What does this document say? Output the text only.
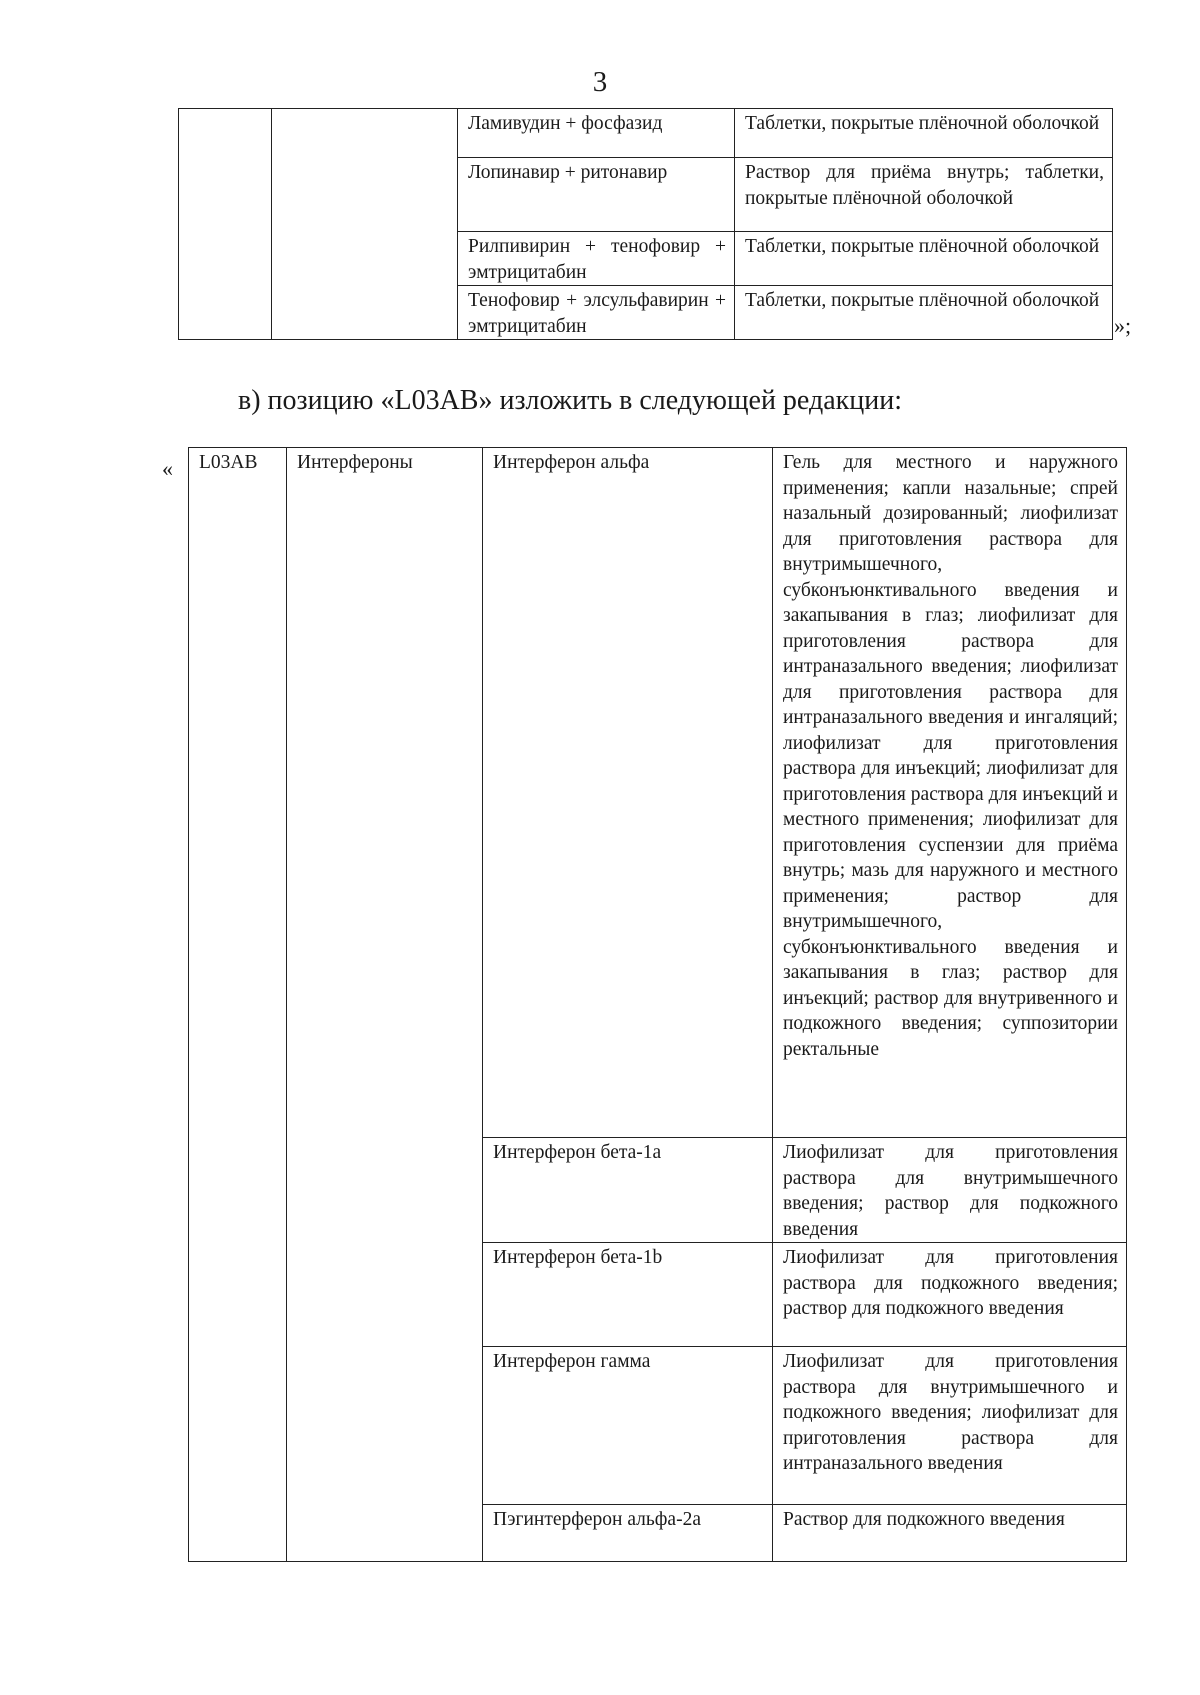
3
		Ламивудин + фосфазид	Таблетки, покрытые плёночной оболочкой
		Лопинавир + ритонавир	Раствор для приёма внутрь; таблетки, покрытые плёночной оболочкой
		Рилпивирин + тенофовир + эмтрицитабин	Таблетки, покрытые плёночной оболочкой
		Тенофовир + элсульфавирин + эмтрицитабин	Таблетки, покрытые плёночной оболочкой
»;
в) позицию «L03AB» изложить в следующей редакции:
« L03AB	Интерфероны	Интерферон альфа	Гель для местного и наружного применения; капли назальные; спрей назальный дозированный; лиофилизат для приготовления раствора для внутримышечного, субконъюнктивального введения и закапывания в глаз; лиофилизат для приготовления раствора для интраназального введения; лиофилизат для приготовления раствора для интраназального введения и ингаляций; лиофилизат для приготовления раствора для инъекций; лиофилизат для приготовления раствора для инъекций и местного применения; лиофилизат для приготовления суспензии для приёма внутрь; мазь для наружного и местного применения; раствор для внутримышечного, субконъюнктивального введения и закапывания в глаз; раствор для инъекций; раствор для внутривенного и подкожного введения; суппозитории ректальные
		Интерферон бета-1a	Лиофилизат для приготовления раствора для внутримышечного введения; раствор для подкожного введения
		Интерферон бета-1b	Лиофилизат для приготовления раствора для подкожного введения; раствор для подкожного введения
		Интерферон гамма	Лиофилизат для приготовления раствора для внутримышечного и подкожного введения; лиофилизат для приготовления раствора для интраназального введения
		Пэгинтерферон альфа-2a	Раствор для подкожного введения
